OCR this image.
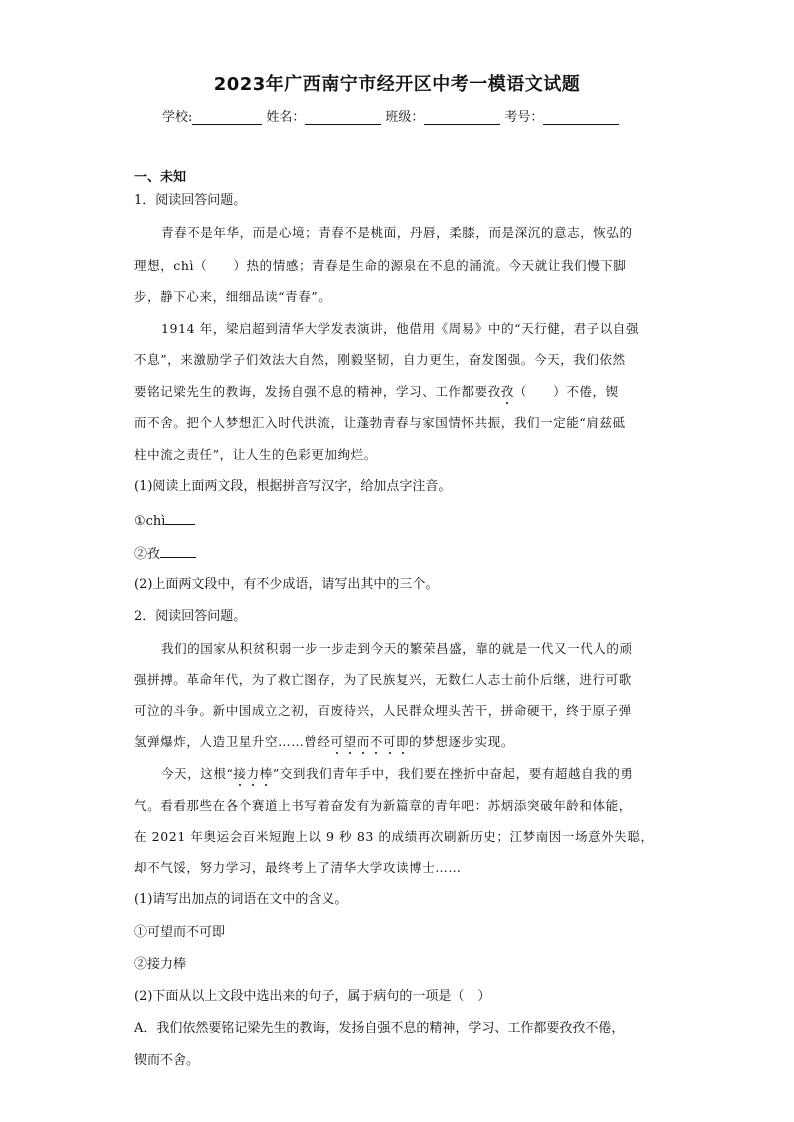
2023年广西南宁市经开区中考一模语文试题
学校:	姓名：	班级：	考号：
一、未知
1．阅读回答问题。
青春不是年华，而是心境；青春不是桃面，丹唇，柔膝，而是深沉的意志，恢弘的
理想，chì（　　）热的情感；青春是生命的源泉在不息的涌流。今天就让我们慢下脚
步，静下心来，细细品读“青春”。
1914 年，梁启超到清华大学发表演讲，他借用《周易》中的“天行健，君子以自强
不息”，来激励学子们效法大自然，刚毅坚韧，自力更生，奋发图强。今天，我们依然
要铭记梁先生的教诲，发扬自强不息的精神，学习、工作都要孜孜（　　）不倦，锲
而不舍。把个人梦想汇入时代洪流，让蓬勃青春与家国情怀共振，我们一定能“肩兹砥
柱中流之责任”，让人生的色彩更加绚烂。
(1)阅读上面两文段，根据拼音写汉字，给加点字注音。
①chì
②孜
(2)上面两文段中，有不少成语，请写出其中的三个。
2．阅读回答问题。
我们的国家从积贫积弱一步一步走到今天的繁荣昌盛，靠的就是一代又一代人的顽
强拼搏。革命年代，为了救亡图存，为了民族复兴，无数仁人志士前仆后继，进行可歌
可泣的斗争。新中国成立之初，百废待兴，人民群众埋头苦干，拼命硬干，终于原子弹
氢弹爆炸，人造卫星升空……曾经可望而不可即的梦想逐步实现。
今天，这根“接力棒”交到我们青年手中，我们要在挫折中奋起，要有超越自我的勇
气。看看那些在各个赛道上书写着奋发有为新篇章的青年吧：苏炳添突破年龄和体能，
在 2021 年奥运会百米短跑上以 9 秒 83 的成绩再次刷新历史；江梦南因一场意外失聪，
却不气馁，努力学习，最终考上了清华大学攻读博士……
(1)请写出加点的词语在文中的含义。
①可望而不可即
②接力棒
(2)下面从以上文段中选出来的句子，属于病句的一项是（　）
A．我们依然要铭记梁先生的教诲，发扬自强不息的精神，学习、工作都要孜孜不倦，
锲而不舍。
